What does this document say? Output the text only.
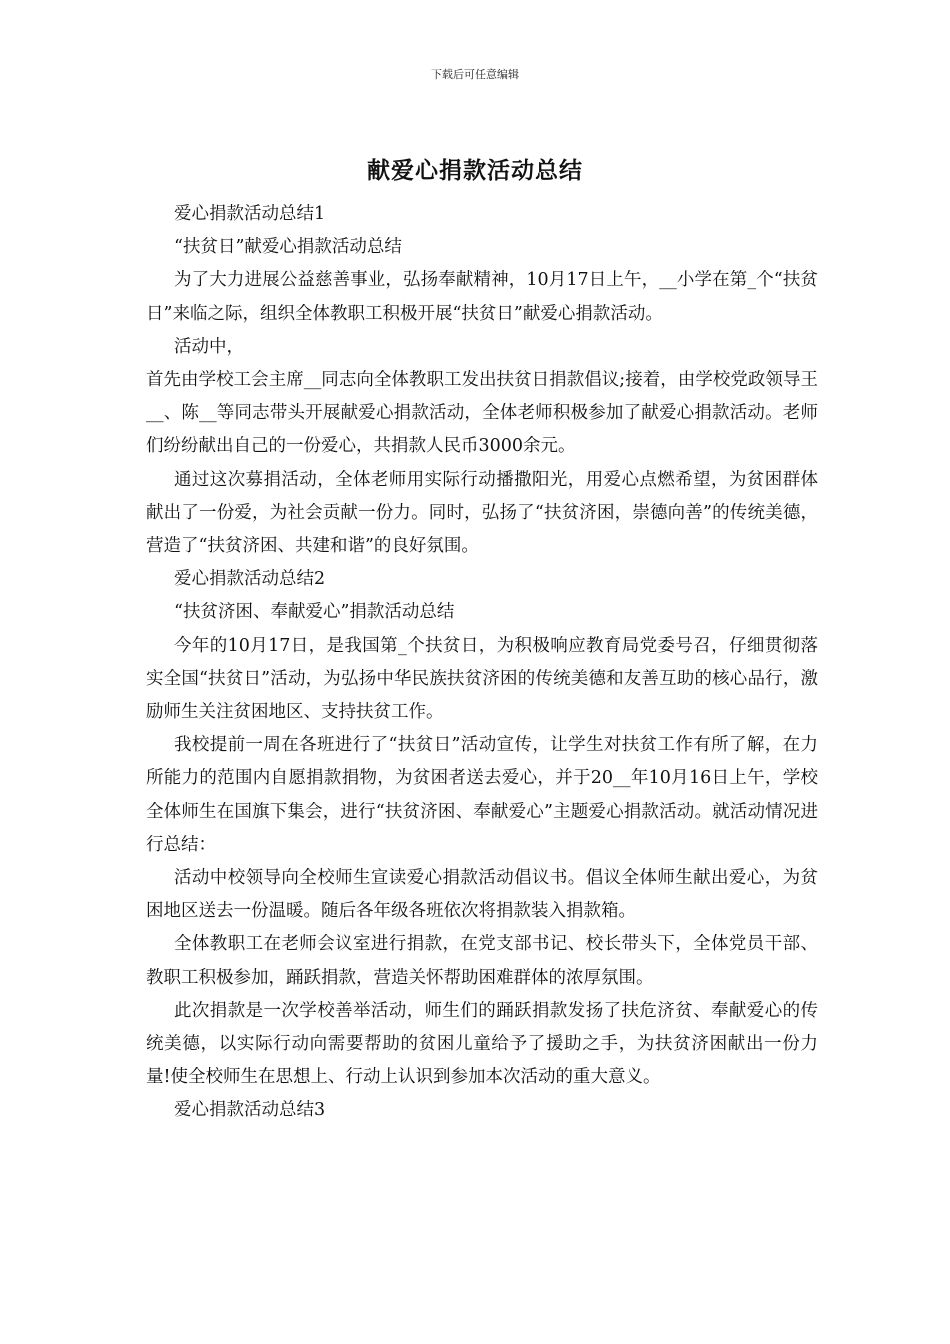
下载后可任意编辑
献爱心捐款活动总结

爱心捐款活动总结1

“扶贫日”献爱心捐款活动总结

为了大力进展公益慈善事业，弘扬奉献精神，10月17日上午，__小学在第_个“扶贫日”来临之际，组织全体教职工积极开展“扶贫日”献爱心捐款活动。

活动中，

首先由学校工会主席__同志向全体教职工发出扶贫日捐款倡议;接着，由学校党政领导王__、陈__等同志带头开展献爱心捐款活动，全体老师积极参加了献爱心捐款活动。老师们纷纷献出自己的一份爱心，共捐款人民币3000余元。

通过这次募捐活动，全体老师用实际行动播撒阳光，用爱心点燃希望，为贫困群体献出了一份爱，为社会贡献一份力。同时，弘扬了“扶贫济困，崇德向善”的传统美德，营造了“扶贫济困、共建和谐”的良好氛围。

爱心捐款活动总结2

“扶贫济困、奉献爱心”捐款活动总结

今年的10月17日，是我国第_个扶贫日，为积极响应教育局党委号召，仔细贯彻落实全国“扶贫日”活动，为弘扬中华民族扶贫济困的传统美德和友善互助的核心品行，激励师生关注贫困地区、支持扶贫工作。

我校提前一周在各班进行了“扶贫日”活动宣传，让学生对扶贫工作有所了解，在力所能力的范围内自愿捐款捐物，为贫困者送去爱心，并于20__年10月16日上午，学校全体师生在国旗下集会，进行“扶贫济困、奉献爱心”主题爱心捐款活动。就活动情况进行总结：

活动中校领导向全校师生宣读爱心捐款活动倡议书。倡议全体师生献出爱心，为贫困地区送去一份温暖。随后各年级各班依次将捐款装入捐款箱。

全体教职工在老师会议室进行捐款，在党支部书记、校长带头下，全体党员干部、教职工积极参加，踊跃捐款，营造关怀帮助困难群体的浓厚氛围。

此次捐款是一次学校善举活动，师生们的踊跃捐款发扬了扶危济贫、奉献爱心的传统美德，以实际行动向需要帮助的贫困儿童给予了援助之手，为扶贫济困献出一份力量!使全校师生在思想上、行动上认识到参加本次活动的重大意义。

爱心捐款活动总结3
